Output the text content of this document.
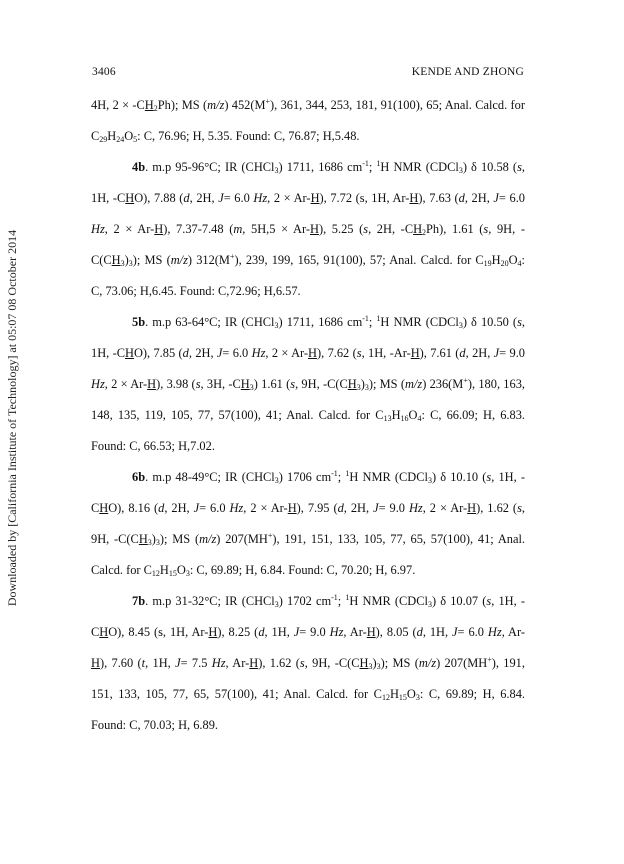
3406	KENDE AND ZHONG
Downloaded by [California Institute of Technology] at 05:07 08 October 2014

4H, $2 \times -CH_2Ph$); MS (m/z) 452(M+), 361, 344, 253, 181, 91(100), 65; Anal. Calcd. for $C_{29}H_{24}O_5$: C, 76.96; H, 5.35. Found: C, 76.87; H,5.48.

4b. m.p 95-96°C; IR (CHCl$_3$) 1711, 1686 $cm^{-1}$; $^1$H NMR (CDCl$_3$) δ 10.58 (s, 1H, -CHO), 7.88 (d, 2H, J= 6.0 Hz, 2 × Ar-H), 7.72 (s, 1H, Ar-H), 7.63 (d, 2H, J= 6.0 Hz, 2 × Ar-H), 7.37-7.48 (m, 5H,5 × Ar-H), 5.25 (s, 2H, $-CH_2Ph$), 1.61 (s, 9H, $-C(CH_3)_3$); MS (m/z) 312(M+), 239, 199, 165, 91(100), 57; Anal. Calcd. for $C_{19}H_{20}O_4$: C, 73.06; H,6.45. Found: C,72.96; H,6.57.

5b. m.p 63-64°C; IR (CHCl$_3$) 1711, 1686 $cm^{-1}$; $^1$H NMR (CDCl$_3$) δ 10.50 (s, 1H, -CHO), 7.85 (d, 2H, J= 6.0 Hz, 2 × Ar-H), 7.62 (s, 1H, -Ar-H), 7.61 (d, 2H, J= 9.0 Hz, 2 × Ar-H), 3.98 (s, 3H, $-CH_3$) 1.61 (s, 9H, $-C(CH_3)_3$); MS (m/z) 236(M+), 180, 163, 148, 135, 119, 105, 77, 57(100), 41; Anal. Calcd. for $C_{13}H_{16}O_4$: C, 66.09; H, 6.83. Found: C, 66.53; H,7.02.

6b. m.p 48-49°C; IR (CHCl$_3$) 1706 $cm^{-1}$; $^1$H NMR (CDCl$_3$) δ 10.10 (s, 1H, -CHO), 8.16 (d, 2H, J= 6.0 Hz, 2 × Ar-H), 7.95 (d, 2H, J= 9.0 Hz, 2 × Ar-H), 1.62 (s, 9H, $-C(CH_3)_3$); MS (m/z) 207(MH+), 191, 151, 133, 105, 77, 65, 57(100), 41; Anal. Calcd. for $C_{12}H_{15}O_3$: C, 69.89; H, 6.84. Found: C, 70.20; H, 6.97.

7b. m.p 31-32°C; IR (CHCl$_3$) 1702 $cm^{-1}$; $^1$H NMR (CDCl$_3$) δ 10.07 (s, 1H, -CHO), 8.45 (s, 1H, Ar-H), 8.25 (d, 1H, J= 9.0 Hz, Ar-H), 8.05 (d, 1H, J= 6.0 Hz, Ar-H), 7.60 (t, 1H, J= 7.5 Hz, Ar-H), 1.62 (s, 9H, $-C(CH_3)_3$); MS (m/z) 207(MH+), 191, 151, 133, 105, 77, 65, 57(100), 41; Anal. Calcd. for $C_{12}H_{15}O_3$: C, 69.89; H, 6.84. Found: C, 70.03; H, 6.89.
